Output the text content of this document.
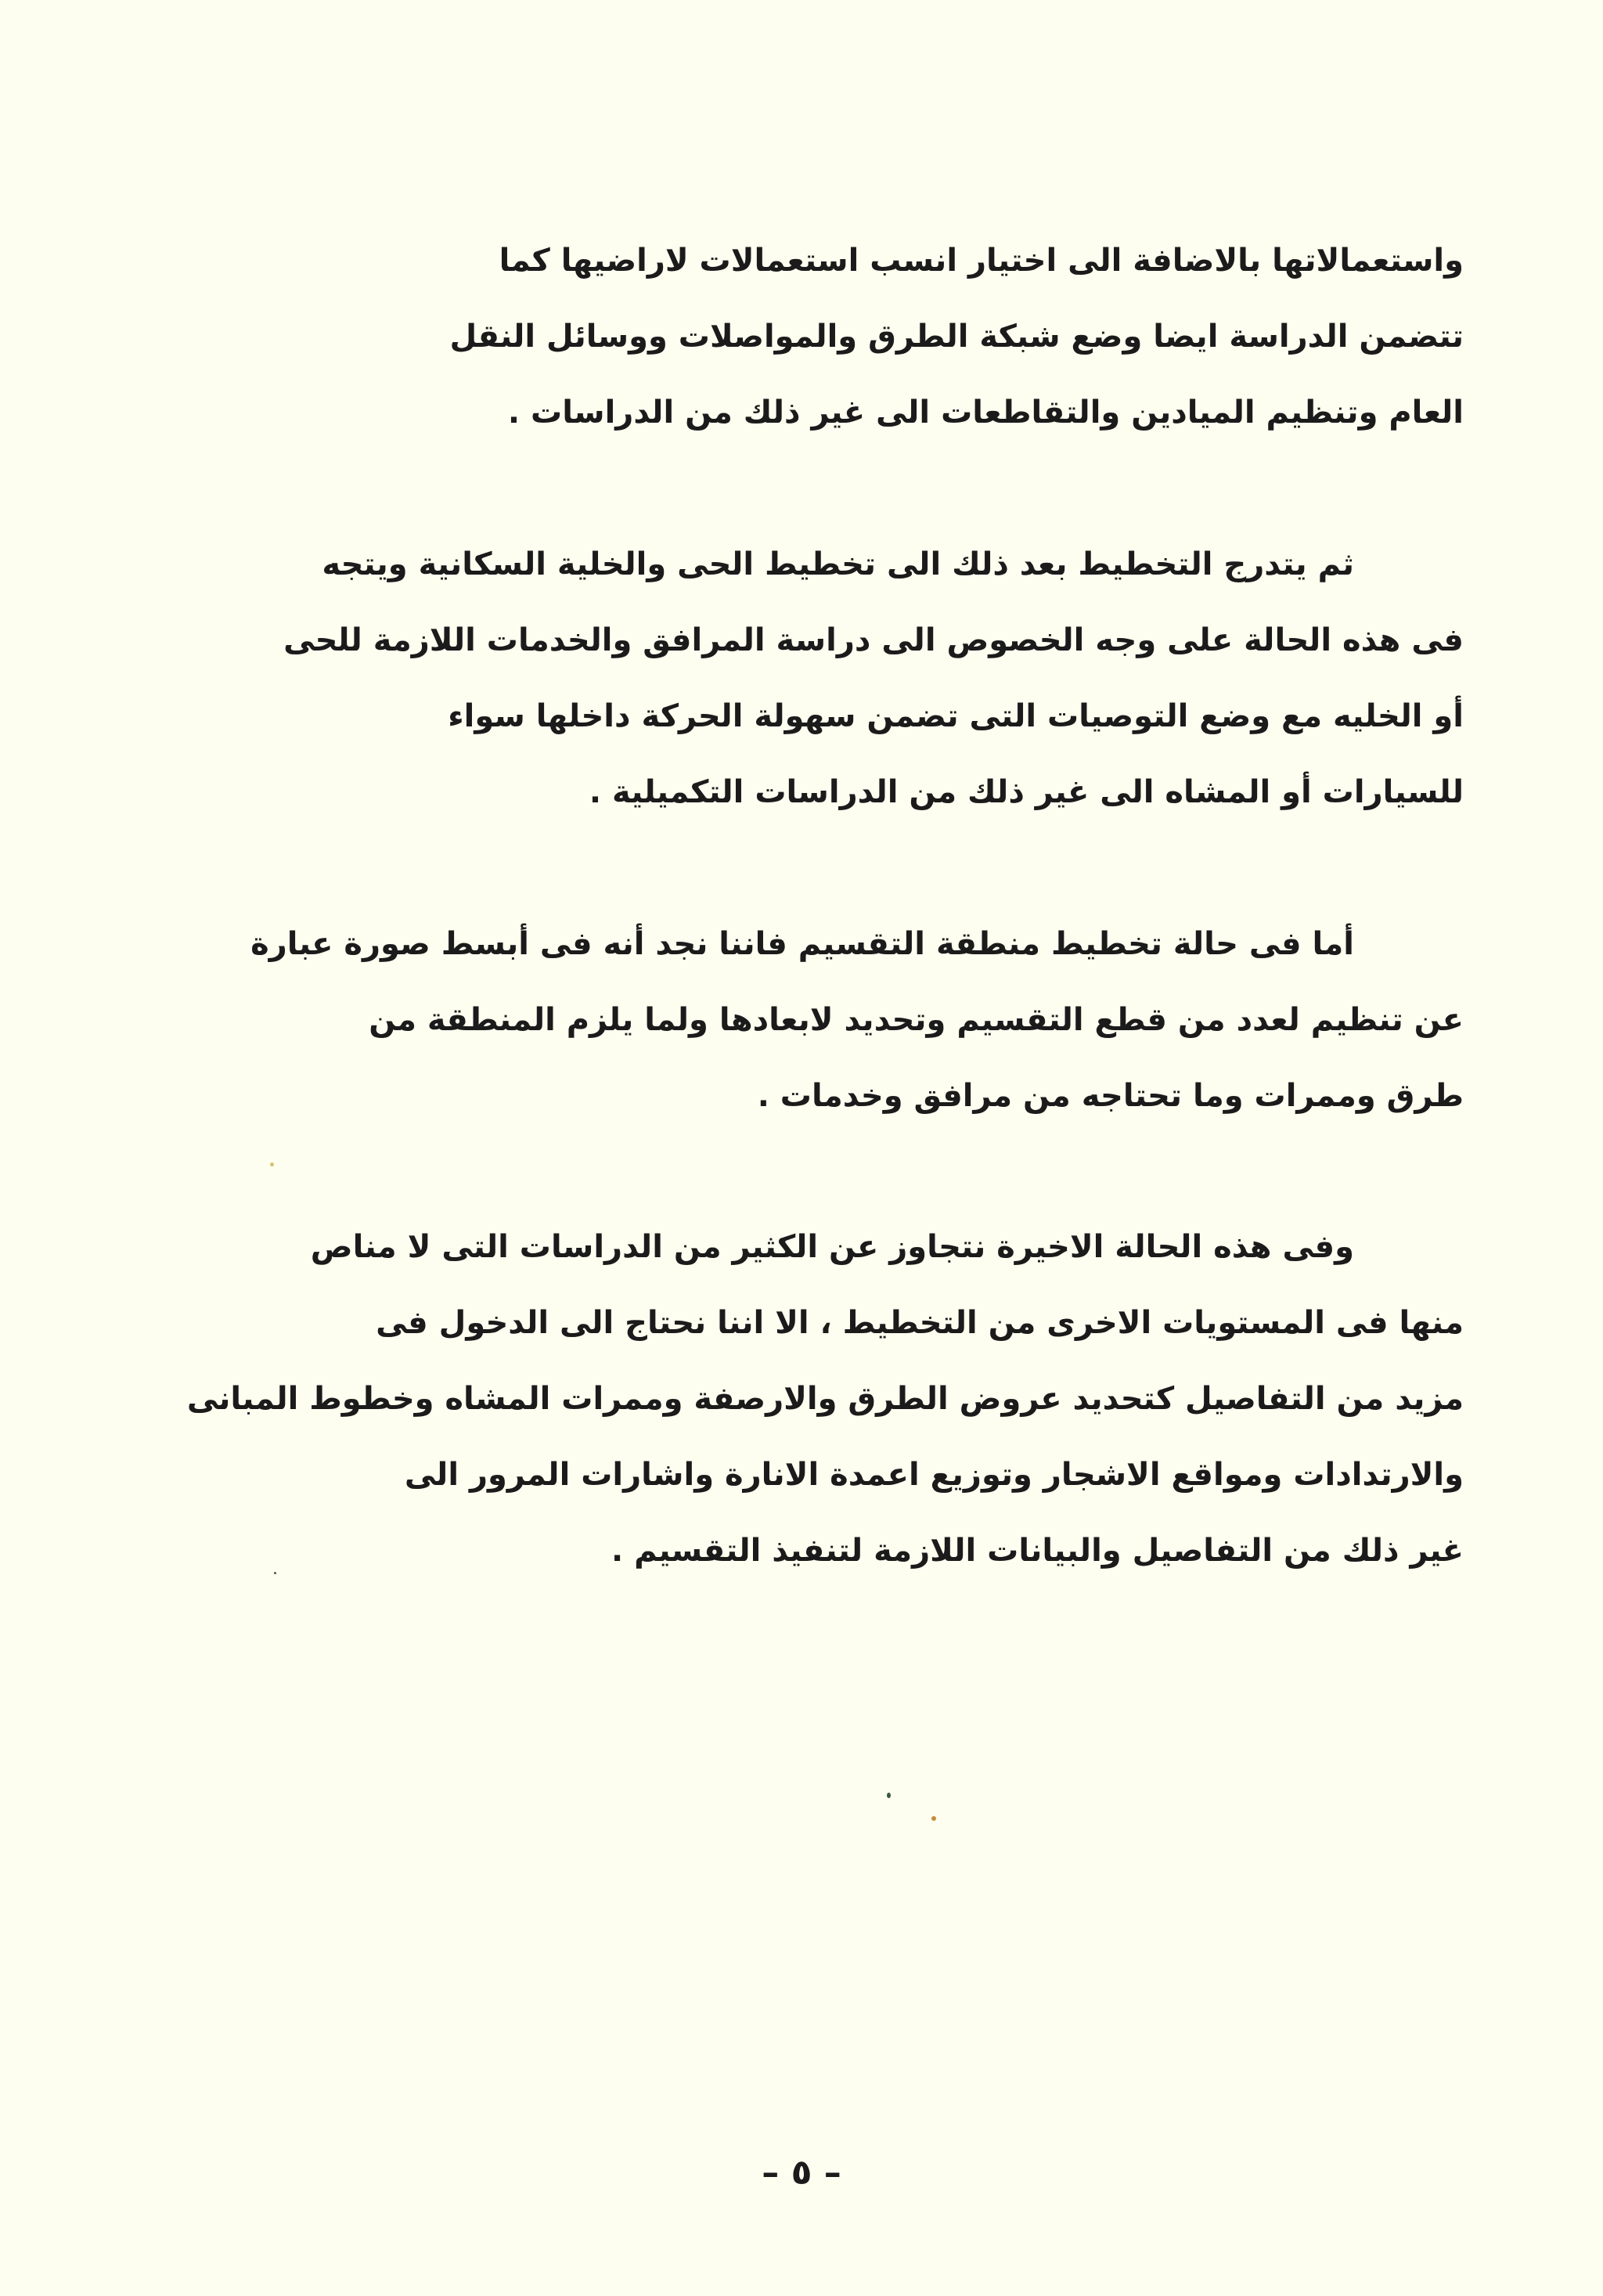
واستعمالاتها بالاضافة الى اختيار انسب استعمالات لاراضيها كما
تتضمن الدراسة ايضا وضع شبكة الطرق والمواصلات ووسائل النقل
العام وتنظيم الميادين والتقاطعات الى غير ذلك من الدراسات .
ثم يتدرج التخطيط بعد ذلك الى تخطيط الحى والخلية السكانية ويتجه
فى هذه الحالة على وجه الخصوص الى دراسة المرافق والخدمات اللازمة للحى
أو الخليه مع وضع التوصيات التى تضمن سهولة الحركة داخلها سواء
للسيارات أو المشاه الى غير ذلك من الدراسات التكميلية .
أما فى حالة تخطيط منطقة التقسيم فاننا نجد أنه فى أبسط صورة عبارة
عن تنظيم لعدد من قطع التقسيم وتحديد لابعادها ولما يلزم المنطقة من
طرق وممرات وما تحتاجه من مرافق وخدمات .
وفى هذه الحالة الاخيرة نتجاوز عن الكثير من الدراسات التى لا مناص
منها فى المستويات الاخرى من التخطيط ، الا اننا نحتاج الى الدخول فى
مزيد من التفاصيل كتحديد عروض الطرق والارصفة وممرات المشاه وخطوط المبانى
والارتدادات ومواقع الاشجار وتوزيع اعمدة الانارة واشارات المرور الى
غير ذلك من التفاصيل والبيانات اللازمة لتنفيذ التقسيم .
– ٥ –
